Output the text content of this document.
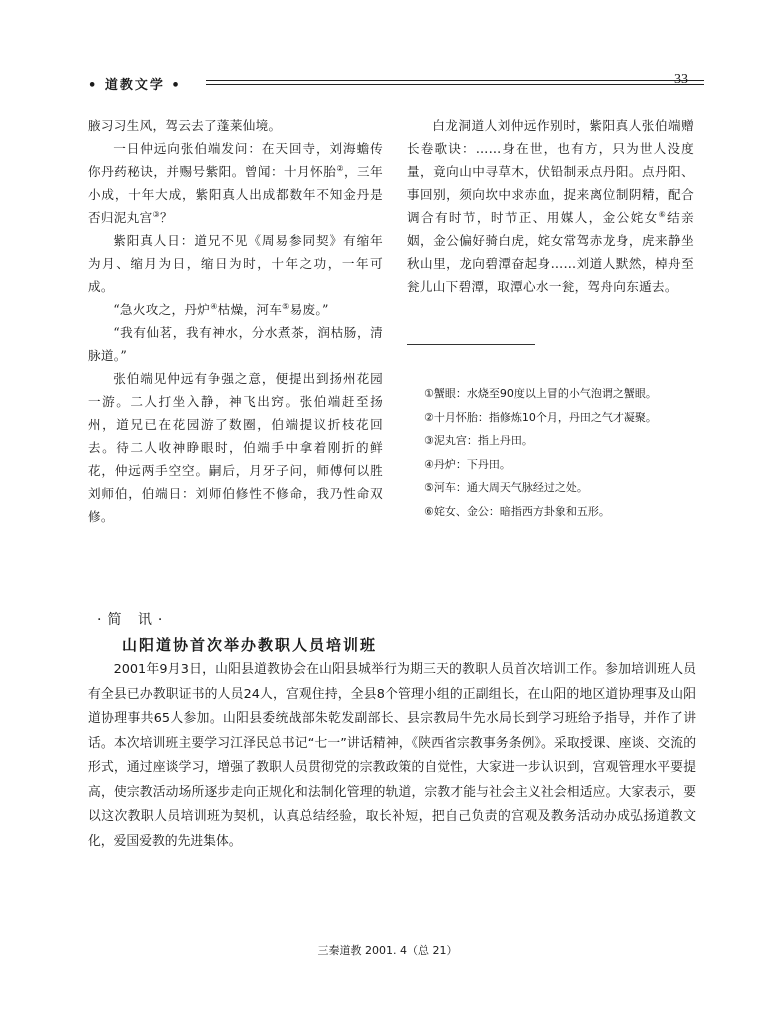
• 道教文学 •	33

腋习习生风，驾云去了蓬莱仙境。

一日仲远向张伯端发问：在天回寺，刘海蟾传你丹药秘诀，并赐号紫阳。曾闻：十月怀胎②，三年小成，十年大成，紫阳真人出成都数年不知金丹是否归泥丸宫③？

紫阳真人日：道兄不见《周易参同契》有缩年为月、缩月为日，缩日为时，十年之功，一年可成。

“急火攻之，丹炉④枯燥，河车⑤易废。”

“我有仙茗，我有神水，分水煮茶，润枯肠，清脉道。”

张伯端见仲远有争强之意，便提出到扬州花园一游。二人打坐入静，神飞出窍。张伯端赶至扬州，道兄已在花园游了数圈，伯端提议折枝花回去。待二人收神睁眼时，伯端手中拿着刚折的鲜花，仲远两手空空。嗣后，月牙子问，师傅何以胜刘师伯，伯端日：刘师伯修性不修命，我乃性命双修。

白龙洞道人刘仲远作别时，紫阳真人张伯端赠长卷歌诀：……身在世，也有方，只为世人没度量，竟向山中寻草木，伏铅制汞点丹阳。点丹阳、事回别，须向坎中求赤血，捉来离位制阴精，配合调合有时节，时节正、用媒人，金公姹女⑥结亲姻，金公偏好骑白虎，姹女常驾赤龙身，虎来静坐秋山里，龙向碧潭奋起身……刘道人默然，棹舟至瓮儿山下碧潭，取潭心水一瓮，驾舟向东遁去。

①蟹眼：水烧至90度以上冒的小气泡谓之蟹眼。
②十月怀胎：指修炼10个月，丹田之气才凝聚。
③泥丸宫：指上丹田。
④丹炉：下丹田。
⑤河车：通大周天气脉经过之处。
⑥姹女、金公：暗指西方卦象和五形。
·简 讯·
山阳道协首次举办教职人员培训班

2001年9月3日，山阳县道教协会在山阳县城举行为期三天的教职人员首次培训工作。参加培训班人员有全县已办教职证书的人员24人，宫观住持，全县8个管理小组的正副组长，在山阳的地区道协理事及山阳道协理事共65人参加。山阳县委统战部朱乾发副部长、县宗教局牛先水局长到学习班给予指导，并作了讲话。本次培训班主要学习江泽民总书记“七一”讲话精神，《陕西省宗教事务条例》。采取授课、座谈、交流的形式，通过座谈学习，增强了教职人员贯彻党的宗教政策的自觉性，大家进一步认识到，宫观管理水平要提高，使宗教活动场所逐步走向正规化和法制化管理的轨道，宗教才能与社会主义社会相适应。大家表示，要以这次教职人员培训班为契机，认真总结经验，取长补短，把自己负责的宫观及教务活动办成弘扬道教文化，爱国爱教的先进集体。

三秦道教 2001. 4（总 21）
